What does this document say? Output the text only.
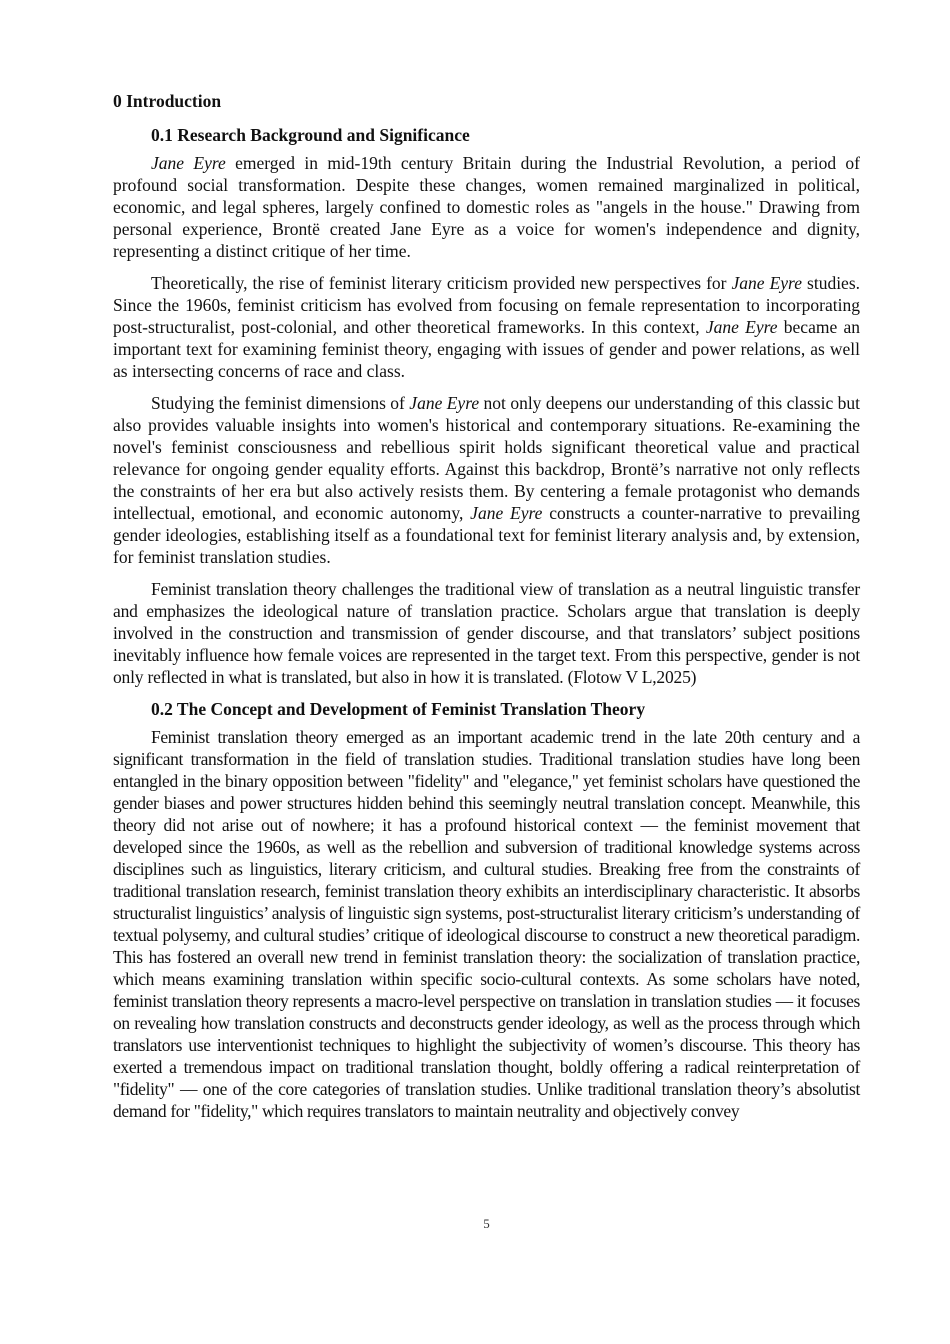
0 Introduction
0.1 Research Background and Significance

Jane Eyre emerged in mid-19th century Britain during the Industrial Revolution, a period of profound social transformation. Despite these changes, women remained marginalized in political, economic, and legal spheres, largely confined to domestic roles as "angels in the house." Drawing from personal experience, Brontë created Jane Eyre as a voice for women's independence and dignity, representing a distinct critique of her time.

Theoretically, the rise of feminist literary criticism provided new perspectives for Jane Eyre studies. Since the 1960s, feminist criticism has evolved from focusing on female representation to incorporating post-structuralist, post-colonial, and other theoretical frameworks. In this context, Jane Eyre became an important text for examining feminist theory, engaging with issues of gender and power relations, as well as intersecting concerns of race and class.

Studying the feminist dimensions of Jane Eyre not only deepens our understanding of this classic but also provides valuable insights into women's historical and contemporary situations. Re-examining the novel's feminist consciousness and rebellious spirit holds significant theoretical value and practical relevance for ongoing gender equality efforts. Against this backdrop, Brontë’s narrative not only reflects the constraints of her era but also actively resists them. By centering a female protagonist who demands intellectual, emotional, and economic autonomy, Jane Eyre constructs a counter-narrative to prevailing gender ideologies, establishing itself as a foundational text for feminist literary analysis and, by extension, for feminist translation studies.

Feminist translation theory challenges the traditional view of translation as a neutral linguistic transfer and emphasizes the ideological nature of translation practice. Scholars argue that translation is deeply involved in the construction and transmission of gender discourse, and that translators’ subject positions inevitably influence how female voices are represented in the target text. From this perspective, gender is not only reflected in what is translated, but also in how it is translated. (Flotow V L,2025)

0.2 The Concept and Development of Feminist Translation Theory

Feminist translation theory emerged as an important academic trend in the late 20th century and a significant transformation in the field of translation studies. Traditional translation studies have long been entangled in the binary opposition between "fidelity" and "elegance," yet feminist scholars have questioned the gender biases and power structures hidden behind this seemingly neutral translation concept. Meanwhile, this theory did not arise out of nowhere; it has a profound historical context — the feminist movement that developed since the 1960s, as well as the rebellion and subversion of traditional knowledge systems across disciplines such as linguistics, literary criticism, and cultural studies. Breaking free from the constraints of traditional translation research, feminist translation theory exhibits an interdisciplinary characteristic. It absorbs structuralist linguistics’ analysis of linguistic sign systems, post-structuralist literary criticism’s understanding of textual polysemy, and cultural studies’ critique of ideological discourse to construct a new theoretical paradigm. This has fostered an overall new trend in feminist translation theory: the socialization of translation practice, which means examining translation within specific socio-cultural contexts. As some scholars have noted, feminist translation theory represents a macro-level perspective on translation in translation studies — it focuses on revealing how translation constructs and deconstructs gender ideology, as well as the process through which translators use interventionist techniques to highlight the subjectivity of women’s discourse. This theory has exerted a tremendous impact on traditional translation thought, boldly offering a radical reinterpretation of "fidelity" — one of the core categories of translation studies. Unlike traditional translation theory’s absolutist demand for "fidelity," which requires translators to maintain neutrality and objectively convey

5
